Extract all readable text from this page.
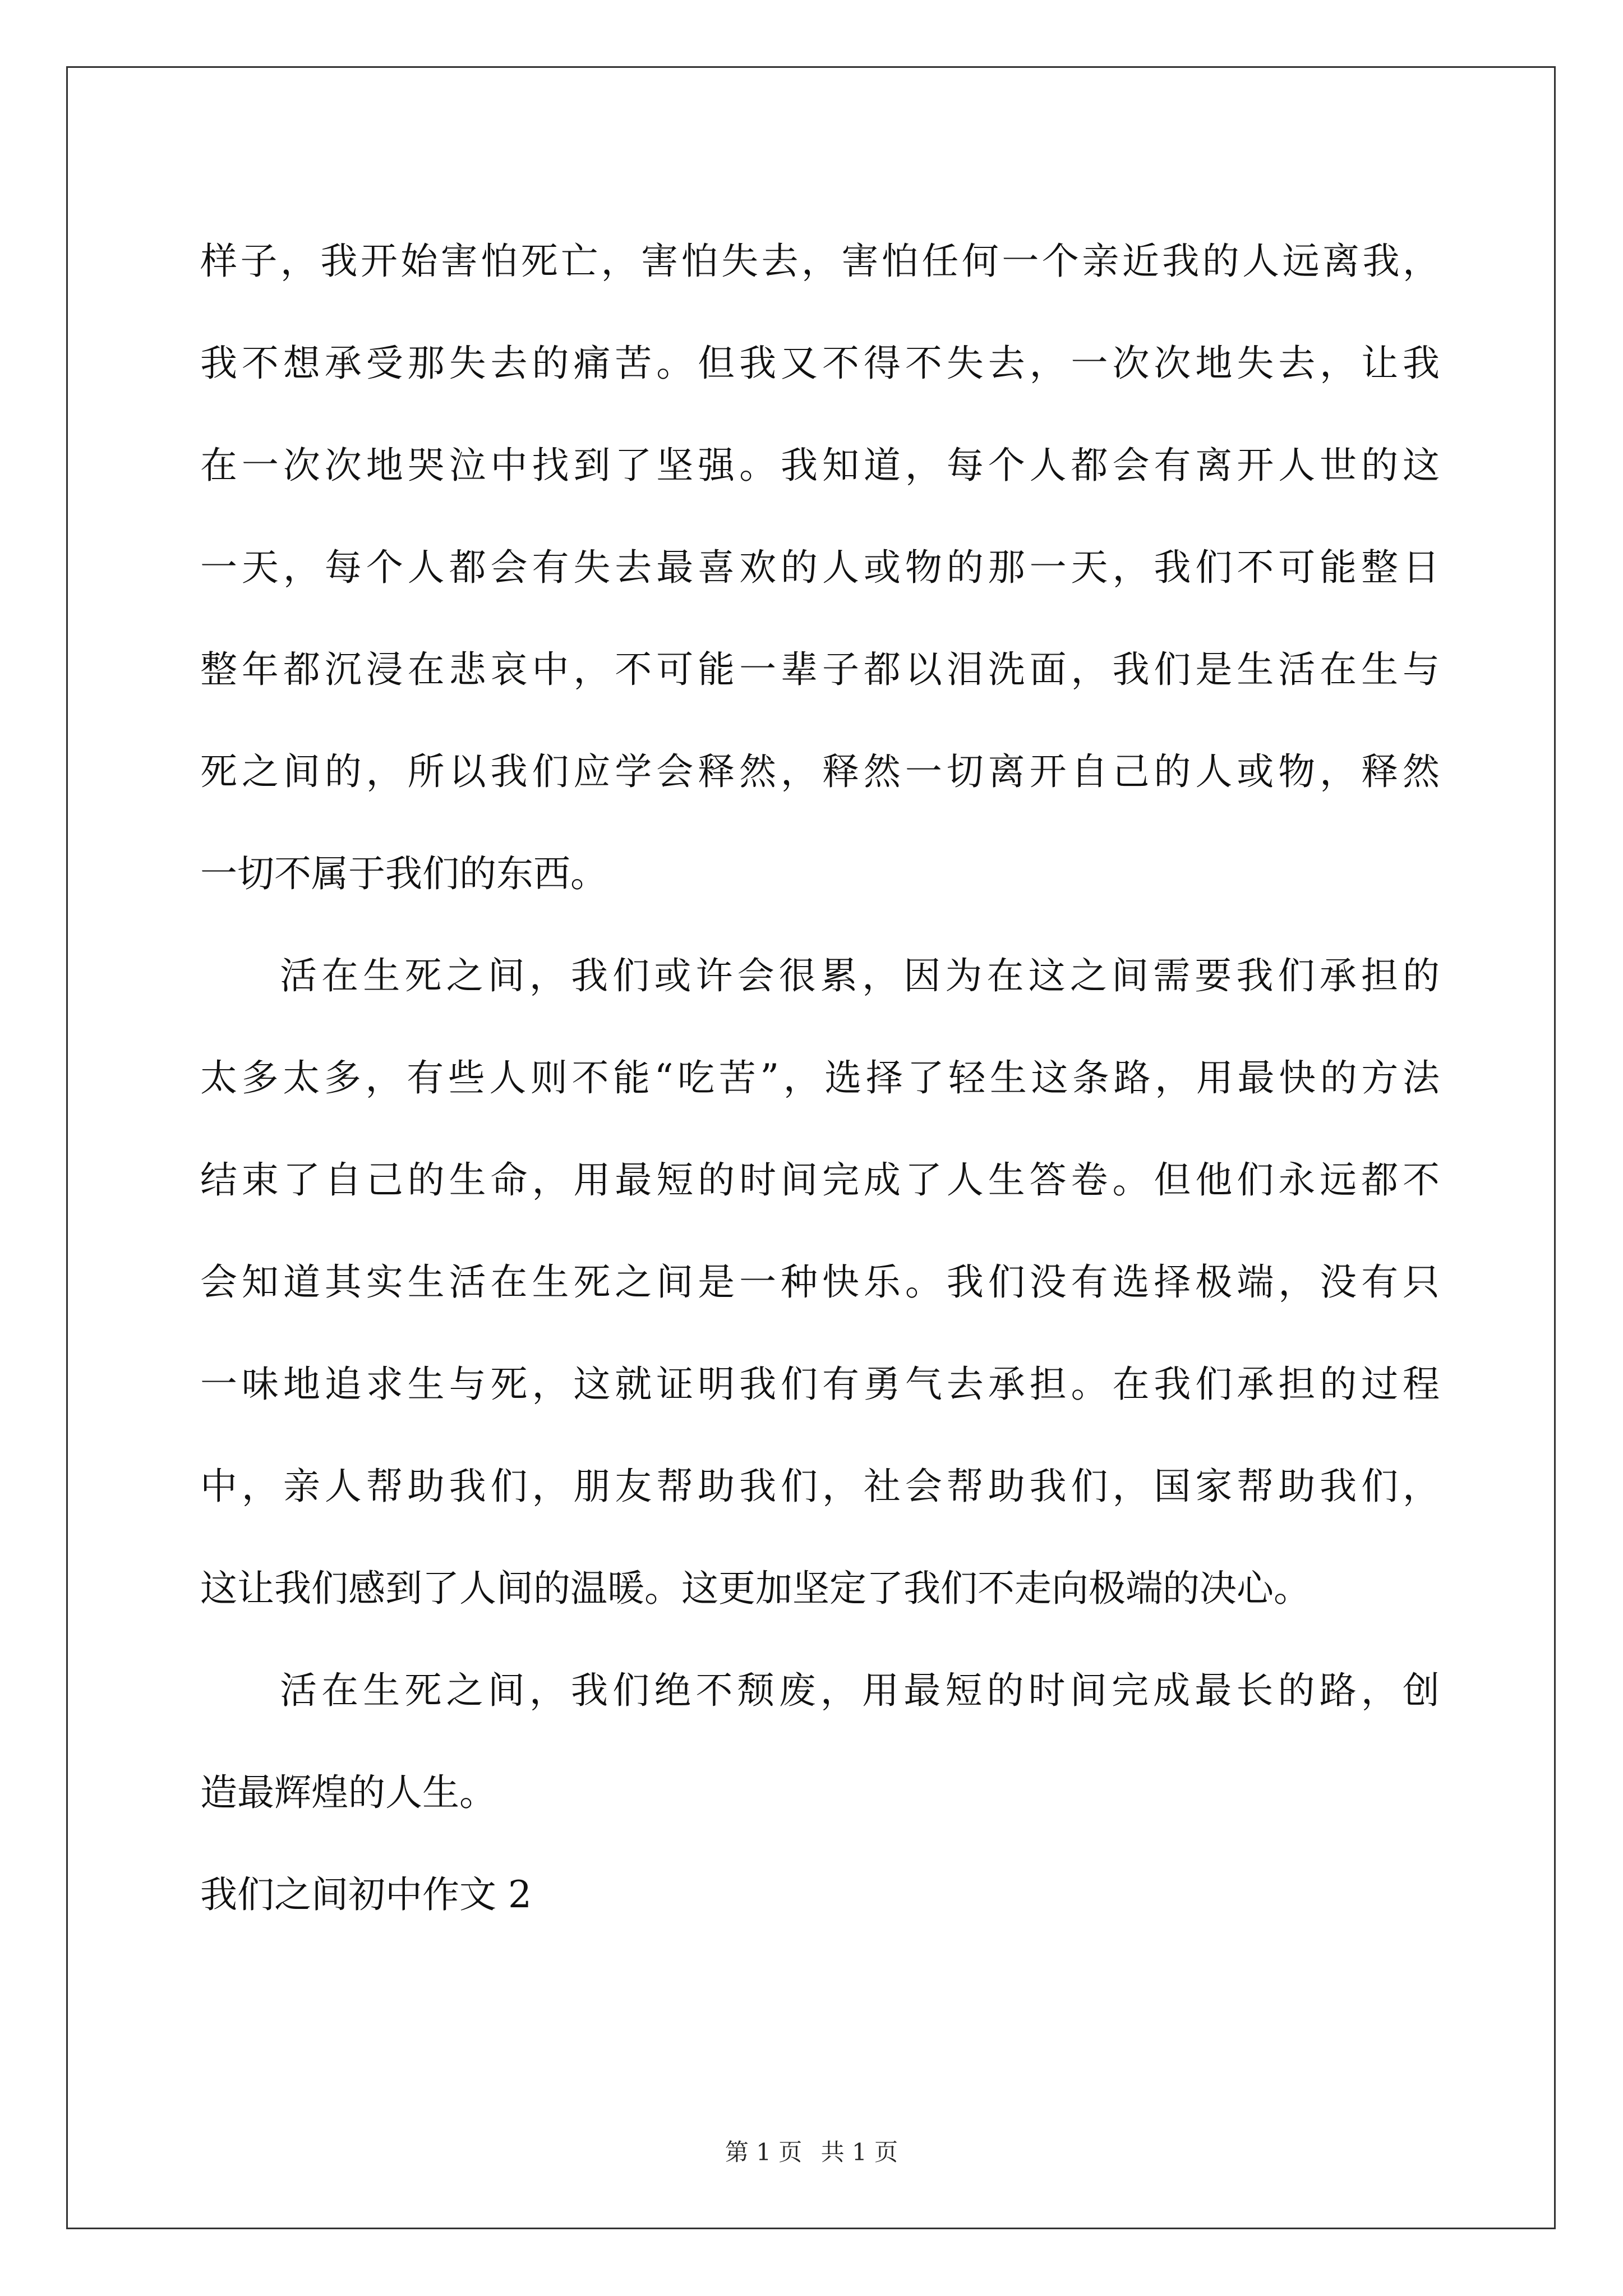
样子，我开始害怕死亡，害怕失去，害怕任何一个亲近我的人远离我，
我不想承受那失去的痛苦。但我又不得不失去，一次次地失去，让我
在一次次地哭泣中找到了坚强。我知道，每个人都会有离开人世的这
一天，每个人都会有失去最喜欢的人或物的那一天，我们不可能整日
整年都沉浸在悲哀中，不可能一辈子都以泪洗面，我们是生活在生与
死之间的，所以我们应学会释然，释然一切离开自己的人或物，释然
一切不属于我们的东西。
活在生死之间，我们或许会很累，因为在这之间需要我们承担的
太多太多，有些人则不能“吃苦”，选择了轻生这条路，用最快的方法
结束了自己的生命，用最短的时间完成了人生答卷。但他们永远都不
会知道其实生活在生死之间是一种快乐。我们没有选择极端，没有只
一味地追求生与死，这就证明我们有勇气去承担。在我们承担的过程
中，亲人帮助我们，朋友帮助我们，社会帮助我们，国家帮助我们，
这让我们感到了人间的温暖。这更加坚定了我们不走向极端的决心。
活在生死之间，我们绝不颓废，用最短的时间完成最长的路，创
造最辉煌的人生。
我们之间初中作文 2
第 1 页 共 1 页
